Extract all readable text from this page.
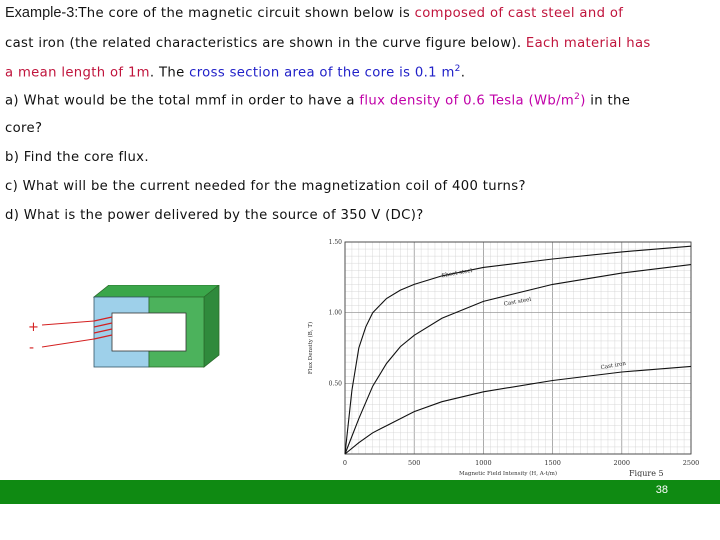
Example-3:The core of the magnetic circuit shown below is composed of cast steel and of
cast iron (the related characteristics are shown in the curve figure below). Each material has
a mean length of 1m. The cross section area of the core is 0.1 $m^2$.
a) What would be the total mmf in order to have a flux density of 0.6 Tesla $(Wb/m^2)$ in the
core?
b) Find the core flux.
c) What will be the current needed for the magnetization coil of 400 turns?
d) What is the power delivered by the source of 350 V (DC)?
+
-
0	500	1000	1500	2000	2500
0.50
1.00
1.50
Magnetic Field Intensity (H, A-t/m)
Flux Density (B, T)
Figure 5
Sheet steel
Cast steel
Cast iron
38
